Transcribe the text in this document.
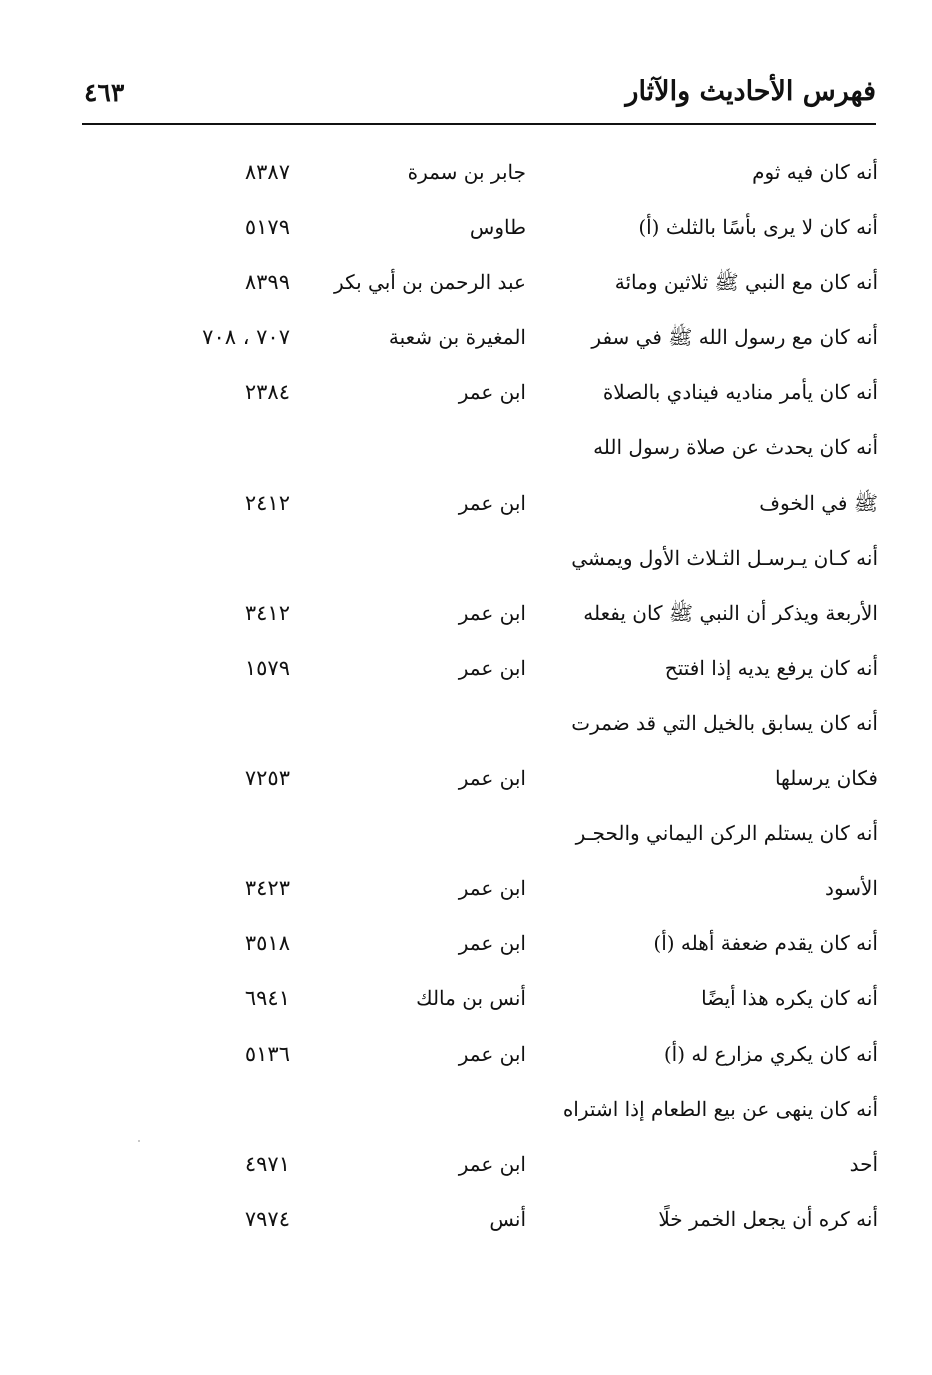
فهرس الأحاديث والآثار
٤٦٣
أنه كان فيه ثوم
جابر بن سمرة
٨٣٨٧
أنه كان لا يرى بأسًا بالثلث (أ)
طاوس
٥١٧٩
أنه كان مع النبي ﷺ ثلاثين ومائة
عبد الرحمن بن أبي بكر
٨٣٩٩
أنه كان مع رسول الله ﷺ في سفر
المغيرة بن شعبة
٧٠٧ ، ٧٠٨
أنه كان يأمر مناديه فينادي بالصلاة
ابن عمر
٢٣٨٤
أنه كان يحدث عن صلاة رسول الله
ﷺ في الخوف
ابن عمر
٢٤١٢
أنه كـان يـرسـل الثـلاث الأول ويمشي
الأربعة ويذكر أن النبي ﷺ كان يفعله
ابن عمر
٣٤١٢
أنه كان يرفع يديه إذا افتتح
ابن عمر
١٥٧٩
أنه كان يسابق بالخيل التي قد ضمرت
فكان يرسلها
ابن عمر
٧٢٥٣
أنه كان يستلم الركن اليماني والحجـر
الأسود
ابن عمر
٣٤٢٣
أنه كان يقدم ضعفة أهله (أ)
ابن عمر
٣٥١٨
أنه كان يكره هذا أيضًا
أنس بن مالك
٦٩٤١
أنه كان يكري مزارع له (أ)
ابن عمر
٥١٣٦
أنه كان ينهى عن بيع الطعام إذا اشتراه
أحد
ابن عمر
٤٩٧١
أنه كره أن يجعل الخمر خلًا
أنس
٧٩٧٤
